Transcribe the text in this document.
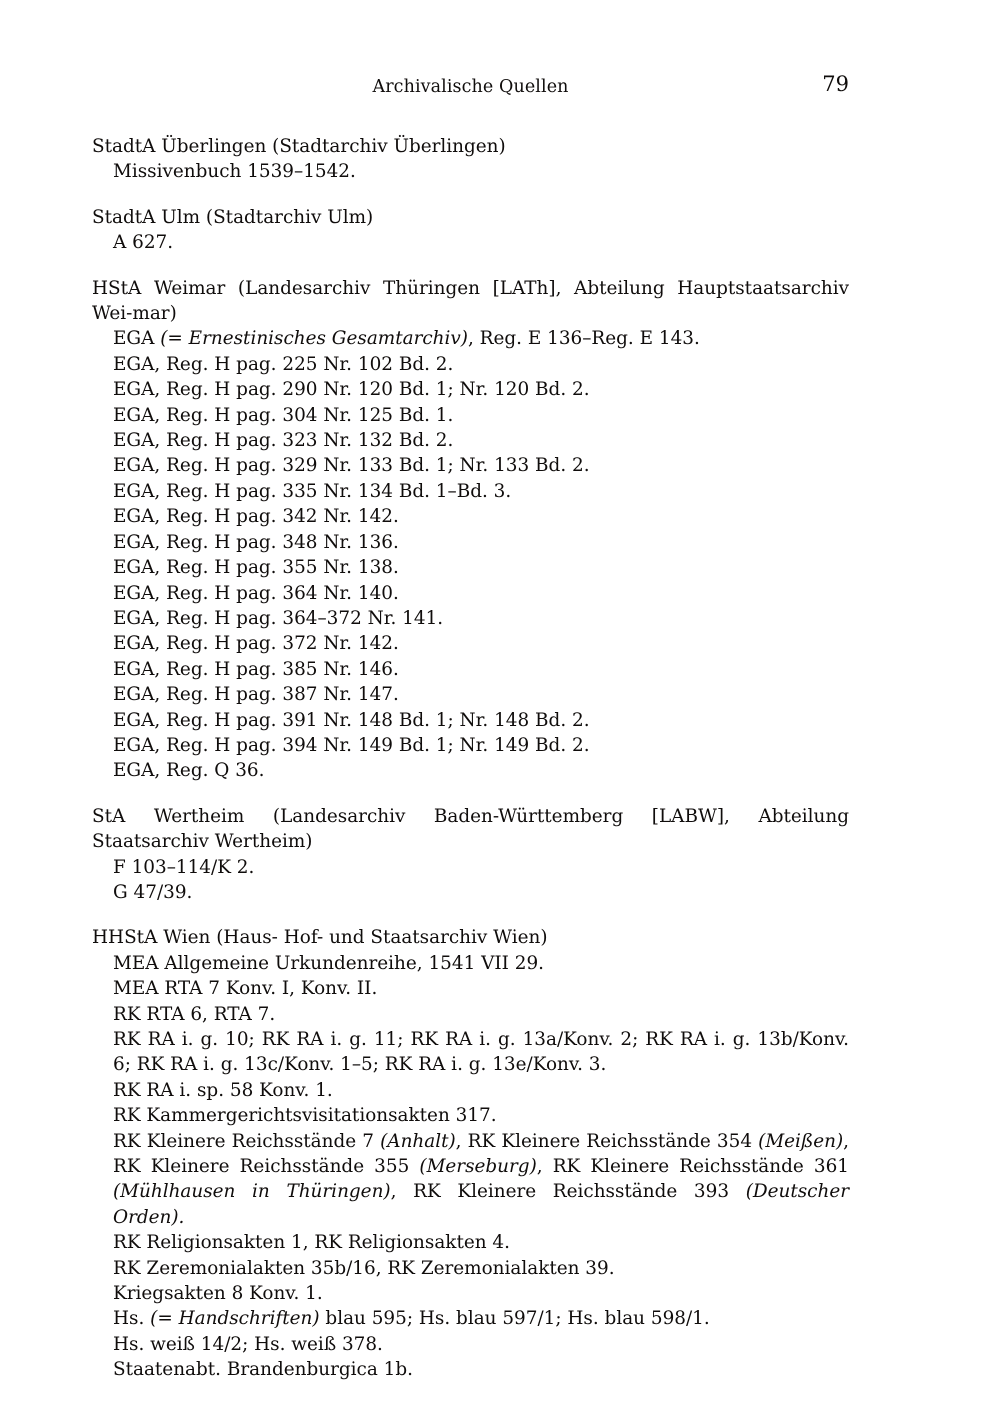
Archivalische Quellen	79

StadtA Überlingen (Stadtarchiv Überlingen)

Missivenbuch 1539–1542.

StadtA Ulm (Stadtarchiv Ulm)

A 627.

HStA Weimar (Landesarchiv Thüringen [LATh], Abteilung Hauptstaatsarchiv Wei-mar)

EGA (= Ernestinisches Gesamtarchiv), Reg. E 136–Reg. E 143.
EGA, Reg. H pag. 225 Nr. 102 Bd. 2.
EGA, Reg. H pag. 290 Nr. 120 Bd. 1; Nr. 120 Bd. 2.
EGA, Reg. H pag. 304 Nr. 125 Bd. 1.
EGA, Reg. H pag. 323 Nr. 132 Bd. 2.
EGA, Reg. H pag. 329 Nr. 133 Bd. 1; Nr. 133 Bd. 2.
EGA, Reg. H pag. 335 Nr. 134 Bd. 1–Bd. 3.
EGA, Reg. H pag. 342 Nr. 142.
EGA, Reg. H pag. 348 Nr. 136.
EGA, Reg. H pag. 355 Nr. 138.
EGA, Reg. H pag. 364 Nr. 140.
EGA, Reg. H pag. 364–372 Nr. 141.
EGA, Reg. H pag. 372 Nr. 142.
EGA, Reg. H pag. 385 Nr. 146.
EGA, Reg. H pag. 387 Nr. 147.
EGA, Reg. H pag. 391 Nr. 148 Bd. 1; Nr. 148 Bd. 2.
EGA, Reg. H pag. 394 Nr. 149 Bd. 1; Nr. 149 Bd. 2.
EGA, Reg. Q 36.

StA Wertheim (Landesarchiv Baden-Württemberg [LABW], Abteilung Staatsarchiv Wertheim)

F 103–114/K 2.
G 47/39.

HHStA Wien (Haus- Hof- und Staatsarchiv Wien)

MEA Allgemeine Urkundenreihe, 1541 VII 29.
MEA RTA 7 Konv. I, Konv. II.
RK RTA 6, RTA 7.
RK RA i. g. 10; RK RA i. g. 11; RK RA i. g. 13a/Konv. 2; RK RA i. g. 13b/Konv. 6; RK RA i. g. 13c/Konv. 1–5; RK RA i. g. 13e/Konv. 3.
RK RA i. sp. 58 Konv. 1.
RK Kammergerichtsvisitationsakten 317.
RK Kleinere Reichsstände 7 (Anhalt), RK Kleinere Reichsstände 354 (Meißen), RK Kleinere Reichsstände 355 (Merseburg), RK Kleinere Reichsstände 361 (Mühlhausen in Thüringen), RK Kleinere Reichsstände 393 (Deutscher Orden).
RK Religionsakten 1, RK Religionsakten 4.
RK Zeremonialakten 35b/16, RK Zeremonialakten 39.
Kriegsakten 8 Konv. 1.
Hs. (= Handschriften) blau 595; Hs. blau 597/1; Hs. blau 598/1.
Hs. weiß 14/2; Hs. weiß 378.
Staatenabt. Brandenburgica 1b.
